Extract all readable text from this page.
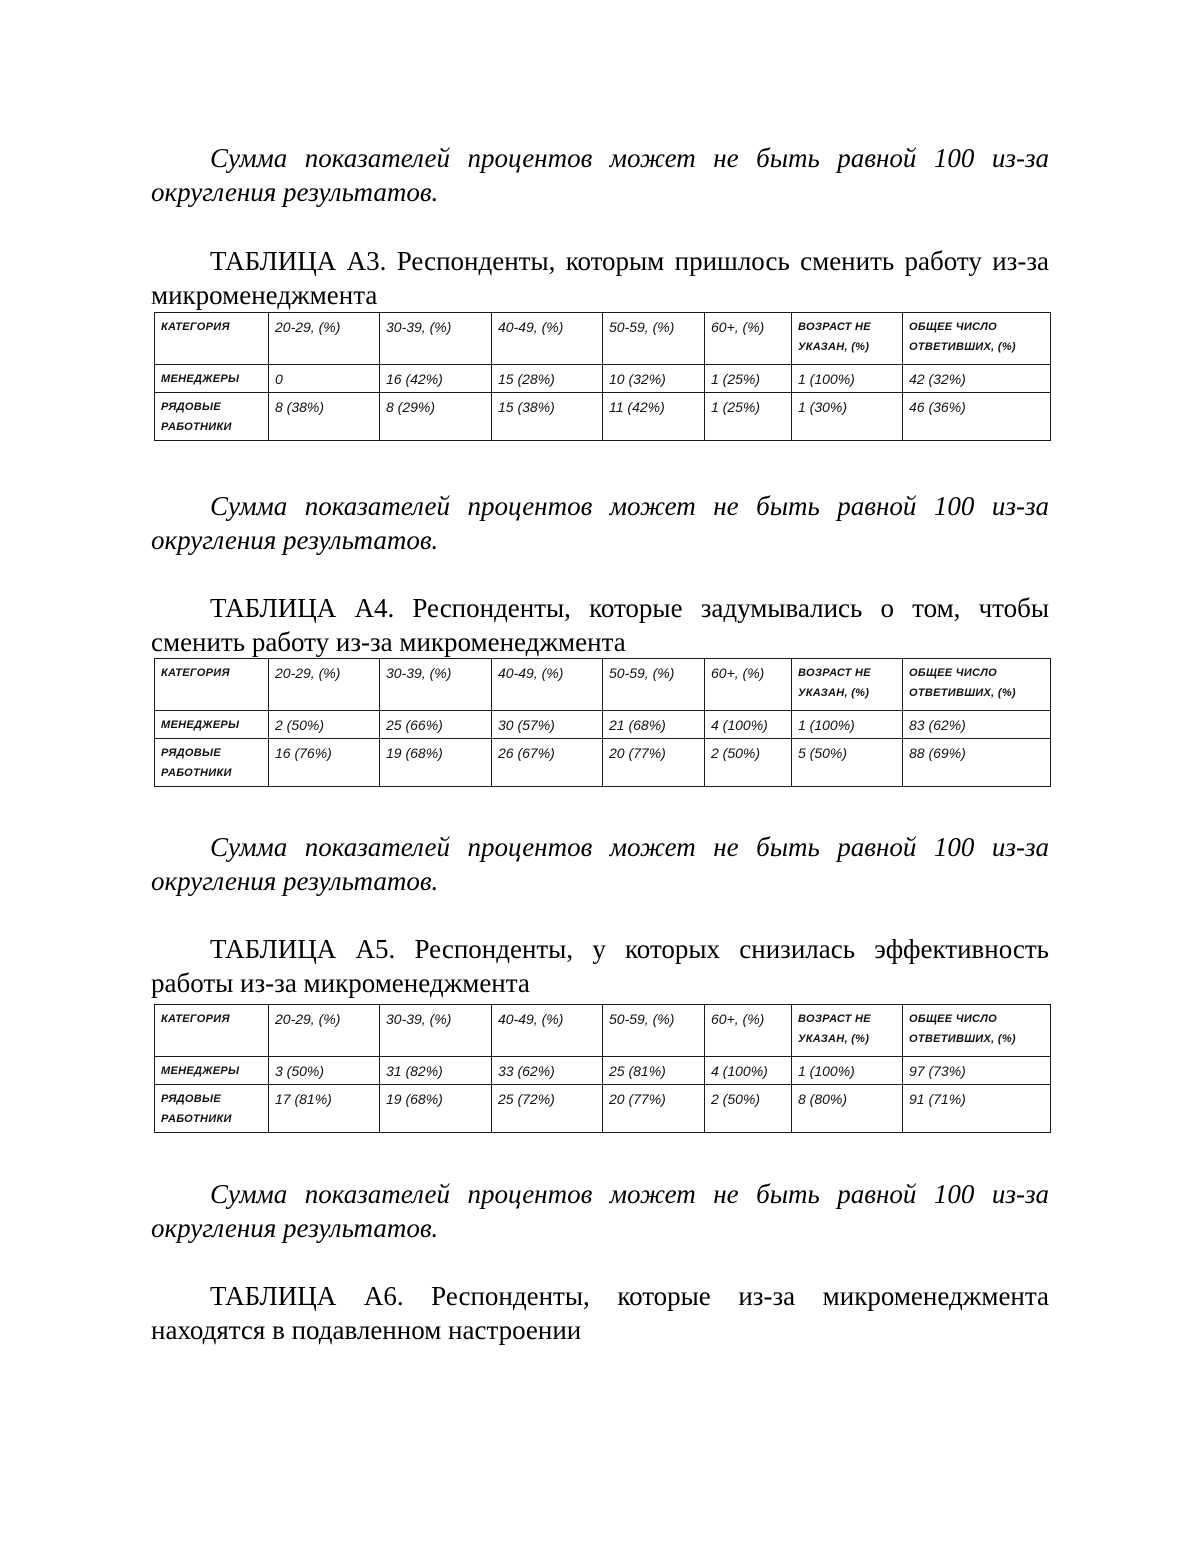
Сумма показателей процентов может не быть равной 100 из-за округления результатов.

ТАБЛИЦА А3. Респонденты, которым пришлось сменить работу из-за микроменеджмента

КАТЕГОРИЯ	20-29, (%)	30-39, (%)	40-49, (%)	50-59, (%)	60+, (%)	ВОЗРАСТ НЕ УКАЗАН, (%)	ОБЩЕЕ ЧИСЛО ОТВЕТИВШИХ, (%)
МЕНЕДЖЕРЫ	0	16 (42%)	15 (28%)	10 (32%)	1 (25%)	1 (100%)	42 (32%)
РЯДОВЫЕ РАБОТНИКИ	8 (38%)	8 (29%)	15 (38%)	11 (42%)	1 (25%)	1 (30%)	46 (36%)

Сумма показателей процентов может не быть равной 100 из-за округления результатов.

ТАБЛИЦА А4. Респонденты, которые задумывались о том, чтобы сменить работу из-за микроменеджмента

КАТЕГОРИЯ	20-29, (%)	30-39, (%)	40-49, (%)	50-59, (%)	60+, (%)	ВОЗРАСТ НЕ УКАЗАН, (%)	ОБЩЕЕ ЧИСЛО ОТВЕТИВШИХ, (%)
МЕНЕДЖЕРЫ	2 (50%)	25 (66%)	30 (57%)	21 (68%)	4 (100%)	1 (100%)	83 (62%)
РЯДОВЫЕ РАБОТНИКИ	16 (76%)	19 (68%)	26 (67%)	20 (77%)	2 (50%)	5 (50%)	88 (69%)

Сумма показателей процентов может не быть равной 100 из-за округления результатов.

ТАБЛИЦА А5. Респонденты, у которых снизилась эффективность работы из-за микроменеджмента

КАТЕГОРИЯ	20-29, (%)	30-39, (%)	40-49, (%)	50-59, (%)	60+, (%)	ВОЗРАСТ НЕ УКАЗАН, (%)	ОБЩЕЕ ЧИСЛО ОТВЕТИВШИХ, (%)
МЕНЕДЖЕРЫ	3 (50%)	31 (82%)	33 (62%)	25 (81%)	4 (100%)	1 (100%)	97 (73%)
РЯДОВЫЕ РАБОТНИКИ	17 (81%)	19 (68%)	25 (72%)	20 (77%)	2 (50%)	8 (80%)	91 (71%)

Сумма показателей процентов может не быть равной 100 из-за округления результатов.

ТАБЛИЦА А6. Респонденты, которые из-за микроменеджмента находятся в подавленном настроении
